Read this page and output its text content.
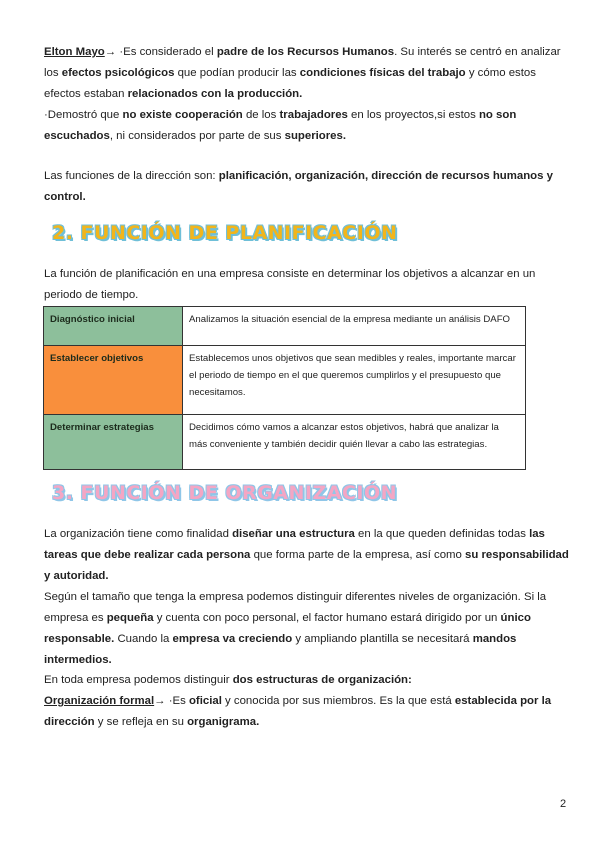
Elton Mayo→ ·Es considerado el padre de los Recursos Humanos. Su interés se centró en analizar los efectos psicológicos que podían producir las condiciones físicas del trabajo y cómo estos efectos estaban relacionados con la producción.

·Demostró que no existe cooperación de los trabajadores en los proyectos,si estos no son escuchados, ni considerados por parte de sus superiores.

Las funciones de la dirección son: planificación, organización, dirección de recursos humanos y control.

2. FUNCIÓN DE PLANIFICACIÓN

La función de planificación en una empresa consiste en determinar los objetivos a alcanzar en un periodo de tiempo.

Diagnóstico inicial	Analizamos la situación esencial de la empresa mediante un análisis DAFO
Establecer objetivos	Establecemos unos objetivos que sean medibles y reales, importante marcar el periodo de tiempo en el que queremos cumplirlos y el presupuesto que necesitamos.
Determinar estrategias	Decidimos cómo vamos a alcanzar estos objetivos, habrá que analizar la más conveniente y también decidir quién llevar a cabo las estrategias.
3. FUNCIÓN DE ORGANIZACIÓN

La organización tiene como finalidad diseñar una estructura en la que queden definidas todas las tareas que debe realizar cada persona que forma parte de la empresa, así como su responsabilidad y autoridad.

Según el tamaño que tenga la empresa podemos distinguir diferentes niveles de organización. Si la empresa es pequeña y cuenta con poco personal, el factor humano estará dirigido por un único responsable. Cuando la empresa va creciendo y ampliando plantilla se necesitará mandos intermedios.

En toda empresa podemos distinguir dos estructuras de organización:

Organización formal→ ·Es oficial y conocida por sus miembros. Es la que está establecida por la dirección y se refleja en su organigrama.

2
